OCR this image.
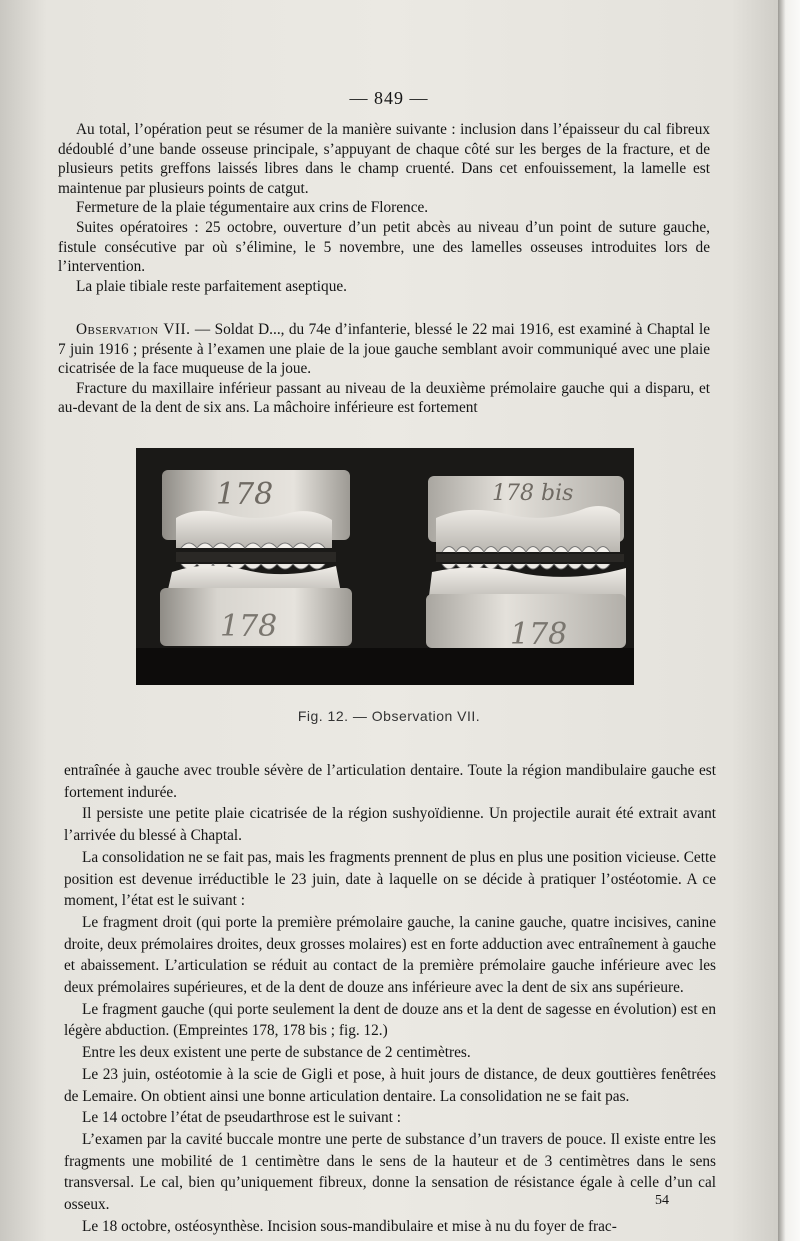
— 849 —

Au total, l’opération peut se résumer de la manière suivante : inclusion dans l’épaisseur du cal fibreux dédoublé d’une bande osseuse principale, s’appuyant de chaque côté sur les berges de la fracture, et de plusieurs petits greffons laissés libres dans le champ cruenté. Dans cet enfouissement, la lamelle est maintenue par plusieurs points de catgut.

Fermeture de la plaie tégumentaire aux crins de Florence.

Suites opératoires : 25 octobre, ouverture d’un petit abcès au niveau d’un point de suture gauche, fistule consécutive par où s’élimine, le 5 novembre, une des lamelles osseuses introduites lors de l’intervention.

La plaie tibiale reste parfaitement aseptique.

Observation VII. — Soldat D..., du 74e d’infanterie, blessé le 22 mai 1916, est examiné à Chaptal le 7 juin 1916 ; présente à l’examen une plaie de la joue gauche semblant avoir communiqué avec une plaie cicatrisée de la face muqueuse de la joue.

Fracture du maxillaire inférieur passant au niveau de la deuxième prémolaire gauche qui a disparu, et au-devant de la dent de six ans. La mâchoire inférieure est fortement

178
178
178 bis
178
Fig. 12. — Observation VII.

entraînée à gauche avec trouble sévère de l’articulation dentaire. Toute la région mandibulaire gauche est fortement indurée.

Il persiste une petite plaie cicatrisée de la région sushyoïdienne. Un projectile aurait été extrait avant l’arrivée du blessé à Chaptal.

La consolidation ne se fait pas, mais les fragments prennent de plus en plus une position vicieuse. Cette position est devenue irréductible le 23 juin, date à laquelle on se décide à pratiquer l’ostéotomie. A ce moment, l’état est le suivant :

Le fragment droit (qui porte la première prémolaire gauche, la canine gauche, quatre incisives, canine droite, deux prémolaires droites, deux grosses molaires) est en forte adduction avec entraînement à gauche et abaissement. L’articulation se réduit au contact de la première prémolaire gauche inférieure avec les deux prémolaires supérieures, et de la dent de douze ans inférieure avec la dent de six ans supérieure.

Le fragment gauche (qui porte seulement la dent de douze ans et la dent de sagesse en évolution) est en légère abduction. (Empreintes 178, 178 bis ; fig. 12.)

Entre les deux existent une perte de substance de 2 centimètres.

Le 23 juin, ostéotomie à la scie de Gigli et pose, à huit jours de distance, de deux gouttières fenêtrées de Lemaire. On obtient ainsi une bonne articulation dentaire. La consolidation ne se fait pas.

Le 14 octobre l’état de pseudarthrose est le suivant :

L’examen par la cavité buccale montre une perte de substance d’un travers de pouce. Il existe entre les fragments une mobilité de 1 centimètre dans le sens de la hauteur et de 3 centimètres dans le sens transversal. Le cal, bien qu’uniquement fibreux, donne la sensation de résistance égale à celle d’un cal osseux.

Le 18 octobre, ostéosynthèse. Incision sous-mandibulaire et mise à nu du foyer de frac-

54
